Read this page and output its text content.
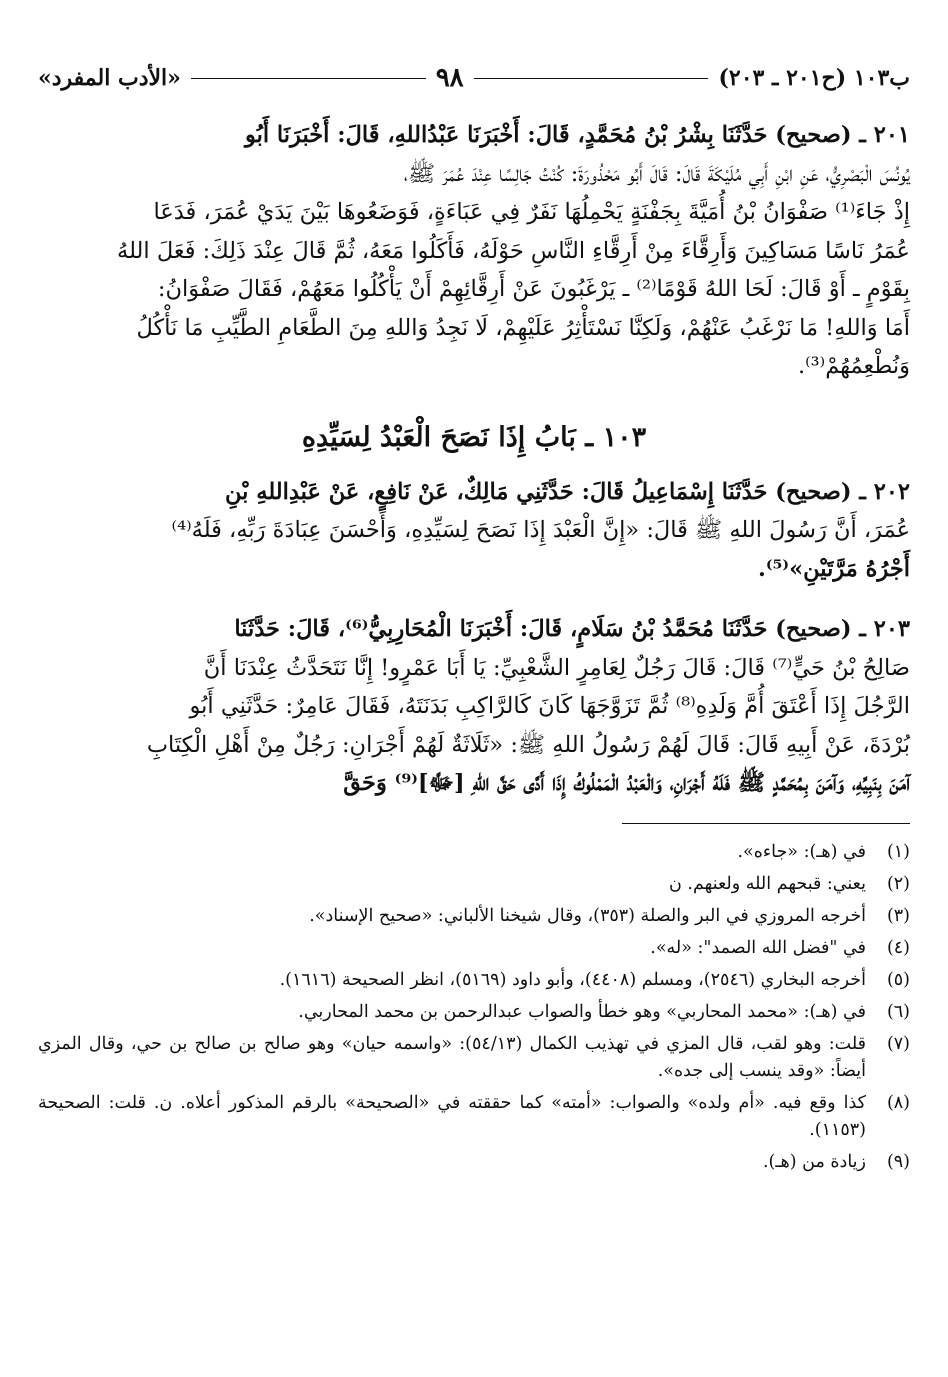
ب١٠٣ (ح٢٠١ ـ ٢٠٣)
٩٨
«الأدب المفرد»
٢٠١ ـ (صحيح) حَدَّثَنَا بِشْرُ بْنُ مُحَمَّدٍ، قَالَ: أَخْبَرَنَا عَبْدُاللهِ، قَالَ: أَخْبَرَنَا أَبُو
يُونُسَ الْبَصْرِيُّ، عَنِ ابْنِ أَبِي مُلَيْكَةَ قَالَ: قَالَ أَبُو مَحْذُورَةَ: كُنْتُ جَالِسًا عِنْدَ عُمَرَ ﷺ،
إِذْ جَاءَ⁽¹⁾ صَفْوَانُ بْنُ أُمَيَّةَ بِجَفْنَةٍ يَحْمِلُهَا نَفَرٌ فِي عَبَاءَةٍ، فَوَضَعُوهَا بَيْنَ يَدَيْ عُمَرَ، فَدَعَا
عُمَرُ نَاسًا مَسَاكِينَ وَأَرِقَّاءَ مِنْ أَرِقَّاءِ النَّاسِ حَوْلَهُ، فَأَكَلُوا مَعَهُ، ثُمَّ قَالَ عِنْدَ ذَلِكَ: فَعَلَ اللهُ
بِقَوْمٍ ـ أَوْ قَالَ: لَحَا اللهُ قَوْمًا⁽²⁾ ـ يَرْغَبُونَ عَنْ أَرِقَّائِهِمْ أَنْ يَأْكُلُوا مَعَهُمْ، فَقَالَ صَفْوَانُ:
أَمَا وَاللهِ! مَا نَرْغَبُ عَنْهُمْ، وَلَكِنَّا نَسْتَأْثِرُ عَلَيْهِمْ، لَا نَجِدُ وَاللهِ مِنَ الطَّعَامِ الطَّيِّبِ مَا نَأْكُلُ
وَنُطْعِمُهُمْ⁽³⁾.
١٠٣ ـ بَابُ إِذَا نَصَحَ الْعَبْدُ لِسَيِّدِهِ
٢٠٢ ـ (صحيح) حَدَّثَنَا إِسْمَاعِيلُ قَالَ: حَدَّثَنِي مَالِكٌ، عَنْ نَافِعٍ، عَنْ عَبْدِاللهِ بْنِ
عُمَرَ، أَنَّ رَسُولَ اللهِ ﷺ قَالَ: «إِنَّ الْعَبْدَ إِذَا نَصَحَ لِسَيِّدِهِ، وَأَحْسَنَ عِبَادَةَ رَبِّهِ، فَلَهُ⁽⁴⁾
أَجْرُهُ مَرَّتَيْنِ»⁽⁵⁾.
٢٠٣ ـ (صحيح) حَدَّثَنَا مُحَمَّدُ بْنُ سَلَامٍ، قَالَ: أَخْبَرَنَا الْمُحَارِبِيُّ⁽⁶⁾، قَالَ: حَدَّثَنَا
صَالِحُ بْنُ حَيٍّ⁽⁷⁾ قَالَ: قَالَ رَجُلٌ لِعَامِرٍ الشَّعْبِيِّ: يَا أَبَا عَمْرٍو! إِنَّا نَتَحَدَّثُ عِنْدَنَا أَنَّ
الرَّجُلَ إِذَا أَعْتَقَ أُمَّ وَلَدِهِ⁽⁸⁾ ثُمَّ تَزَوَّجَهَا كَانَ كَالرَّاكِبِ بَدَنَتَهُ، فَقَالَ عَامِرٌ: حَدَّثَنِي أَبُو
بُرْدَةَ، عَنْ أَبِيهِ قَالَ: قَالَ لَهُمْ رَسُولُ اللهِ ﷺ: «ثَلَاثَةٌ لَهُمْ أَجْرَانِ: رَجُلٌ مِنْ أَهْلِ الْكِتَابِ
آمَنَ بِنَبِيِّهِ، وَآمَنَ بِمُحَمَّدٍ ﷺ فَلَهُ أَجْرَانِ، وَالْعَبْدُ الْمَمْلُوكُ إِذَا أَدَّى حَقَّ اللهِ [ﷻ]⁽⁹⁾ وَحَقَّ
(١)
في (هـ): «جاءه».
(٢)
يعني: قبحهم الله ولعنهم. ن
(٣)
أخرجه المروزي في البر والصلة (٣٥٣)، وقال شيخنا الألباني: «صحيح الإسناد».
(٤)
في "فضل الله الصمد": «له».
(٥)
أخرجه البخاري (٢٥٤٦)، ومسلم (٤٤٠٨)، وأبو داود (٥١٦٩)، انظر الصحيحة (١٦١٦).
(٦)
في (هـ): «محمد المحاربي» وهو خطأ والصواب عبدالرحمن بن محمد المحاربي.
(٧)
قلت: وهو لقب، قال المزي في تهذيب الكمال (٥٤/١٣): «واسمه حيان» وهو صالح بن صالح بن حي، وقال المزي أيضاً: «وقد ينسب إلى جده».
(٨)
كذا وقع فيه. «أم ولده» والصواب: «أمته» كما حققته في «الصحيحة» بالرقم المذكور أعلاه. ن. قلت: الصحيحة (١١٥٣).
(٩)
زيادة من (هـ).
